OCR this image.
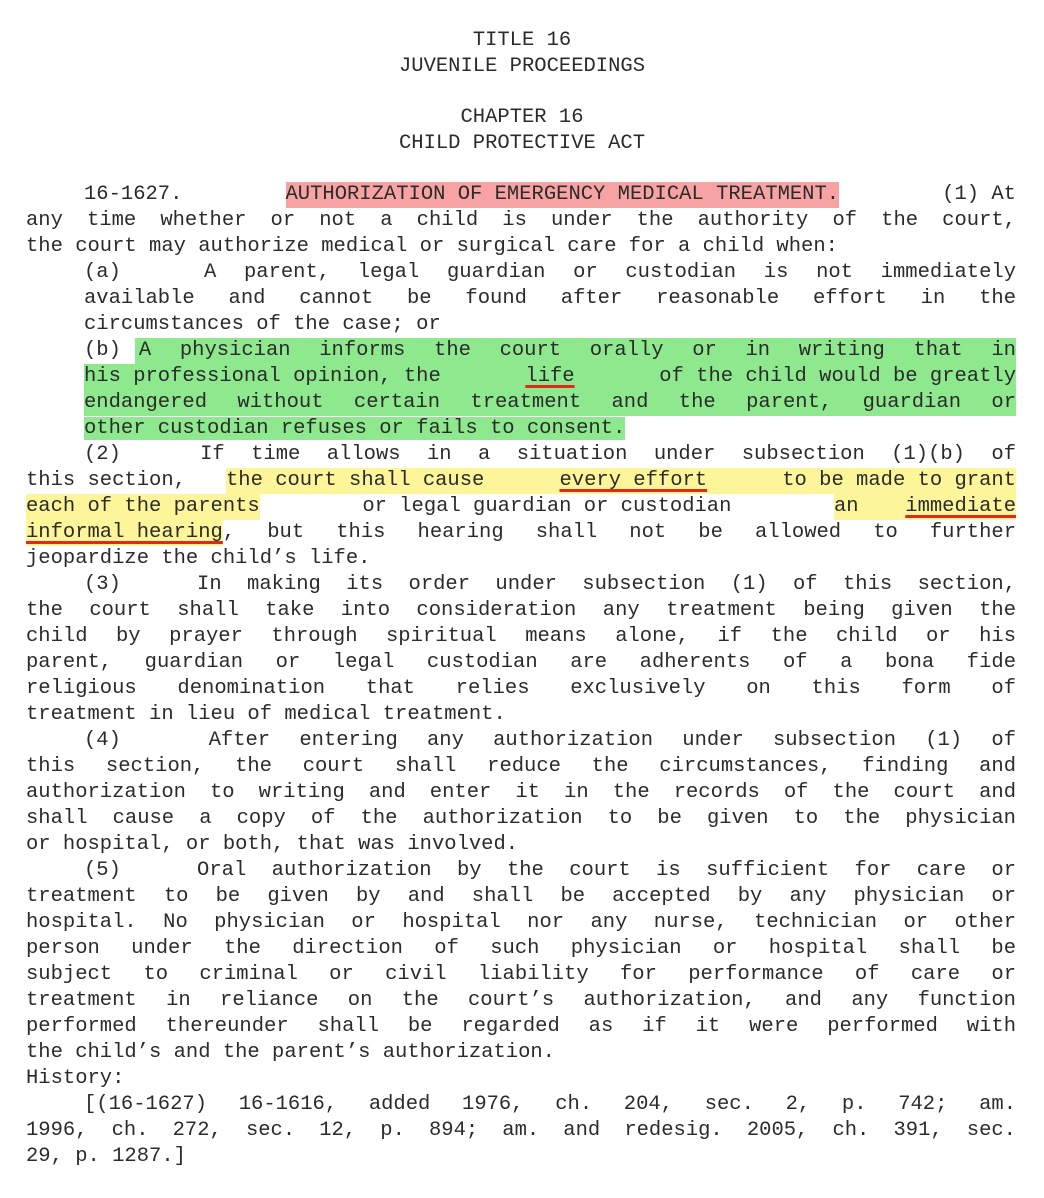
TITLE 16
JUVENILE PROCEEDINGS
CHAPTER 16
CHILD PROTECTIVE ACT
16-1627.	AUTHORIZATION OF EMERGENCY MEDICAL TREATMENT.	(1) At
any time whether or not a child is under the authority of the court,
the court may authorize medical or surgical care for a child when:
(a)   A parent, legal guardian or custodian is not immediately
available and cannot be found after reasonable effort in the
circumstances of the case; or
(b) A physician informs the court orally or in writing that in
his professional opinion, the	life	of the child would be greatly
endangered without certain treatment and the parent, guardian or
other custodian refuses or fails to consent.
(2)   If time allows in a situation under subsection (1)(b) of
this section, the court shall cause	every effort	to be made to grant
each of the parents	or legal guardian or custodian	an immediate
informal hearing , but this hearing shall not be allowed to further
jeopardize the child’s life.
(3)   In making its order under subsection (1) of this section,
the court shall take into consideration any treatment being given the
child by prayer through spiritual means alone, if the child or his
parent, guardian or legal custodian are adherents of a bona fide
religious denomination that relies exclusively on this form of
treatment in lieu of medical treatment.
(4)   After entering any authorization under subsection (1) of
this section, the court shall reduce the circumstances, finding and
authorization to writing and enter it in the records of the court and
shall cause a copy of the authorization to be given to the physician
or hospital, or both, that was involved.
(5)   Oral authorization by the court is sufficient for care or
treatment to be given by and shall be accepted by any physician or
hospital. No physician or hospital nor any nurse, technician or other
person under the direction of such physician or hospital shall be
subject to criminal or civil liability for performance of care or
treatment in reliance on the court’s authorization, and any function
performed thereunder shall be regarded as if it were performed with
the child’s and the parent’s authorization.
History:
[(16-1627) 16-1616, added 1976, ch. 204, sec. 2, p. 742; am.
1996, ch. 272, sec. 12, p. 894; am. and redesig. 2005, ch. 391, sec.
29, p. 1287.]
